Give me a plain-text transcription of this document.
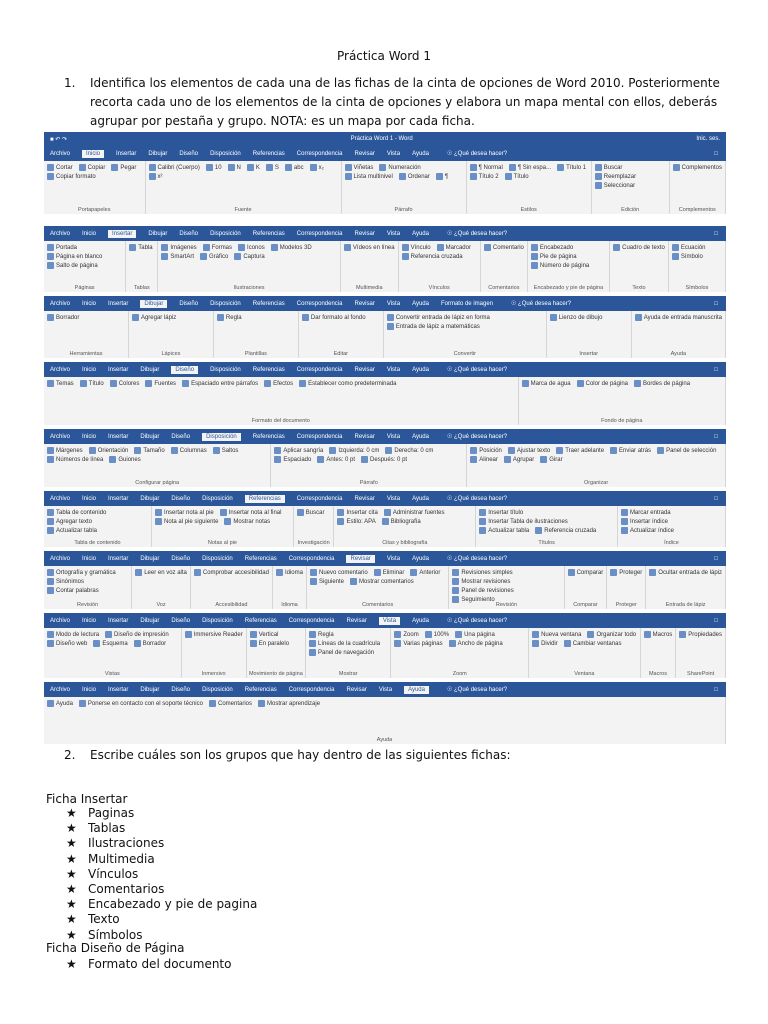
Práctica Word 1
1. Identifica los elementos de cada una de las fichas de la cinta de opciones de Word 2010. Posteriormente recorta cada uno de los elementos de la cinta de opciones y elabora un mapa mental con ellos, deberás agrupar por pestaña y grupo. NOTA: es un mapa por cada ficha.
■ ↶ ↷	Práctica Word 1 - Word	Inic. ses.
Archivo	Inicio	Insertar Dibujar Diseño Disposición Referencias Correspondencia Revisar Vista Ayuda	☉ ¿Qué desea hacer?	□
Cortar	Copiar	Pegar
Copiar formato
Portapapeles
Calibri (Cuerpo)	10	N	K	S	abc	x₂
x²
Fuente
Viñetas	Numeración
Lista multinivel	Ordenar	¶
Párrafo
¶ Normal	¶ Sin espa...	Título 1
Título 2	Título
Estilos
Buscar
Reemplazar
Seleccionar
Edición
Complementos
Complementos
Archivo Inicio	Insertar	Dibujar Diseño Disposición Referencias Correspondencia Revisar Vista Ayuda	☉ ¿Qué desea hacer?	□
Portada
Página en blanco
Salto de página
Páginas
Tabla
Tablas
Imágenes	Formas	Iconos	Modelos 3D
SmartArt	Gráfico	Captura
Ilustraciones
Vídeos en línea
Multimedia
Vínculo	Marcador
Referencia cruzada
Vínculos
Comentario
Comentarios
Encabezado
Pie de página
Número de página
Encabezado y pie de página
Cuadro de texto
Texto
Ecuación
Símbolo
Símbolos
Archivo Inicio Insertar	Dibujar	Diseño Disposición Referencias Correspondencia Revisar Vista Ayuda Formato de imagen	☉ ¿Qué desea hacer?	□
Borrador
Herramientas
Agregar lápiz
Lápices
Regla
Plantillas
Dar formato al fondo
Editar
Convertir entrada de lápiz en forma
Entrada de lápiz a matemáticas
Convertir
Lienzo de dibujo
Insertar
Ayuda de entrada manuscrita
Ayuda
Archivo Inicio Insertar Dibujar	Diseño	Disposición Referencias Correspondencia Revisar Vista Ayuda	☉ ¿Qué desea hacer?	□
Temas	Título	Colores	Fuentes	Espaciado entre párrafos	Efectos	Establecer como predeterminada
Formato del documento
Marca de agua	Color de página	Bordes de página
Fondo de página
Archivo Inicio Insertar Dibujar Diseño	Disposición	Referencias Correspondencia Revisar Vista Ayuda	☉ ¿Qué desea hacer?	□
Márgenes	Orientación	Tamaño	Columnas	Saltos
Números de línea	Guiones
Configurar página
Aplicar sangría	Izquierda: 0 cm	Derecha: 0 cm
Espaciado	Antes: 0 pt	Después: 0 pt
Párrafo
Posición	Ajustar texto	Traer adelante	Enviar atrás	Panel de selección
Alinear	Agrupar	Girar
Organizar
Archivo Inicio Insertar Dibujar Diseño Disposición	Referencias	Correspondencia Revisar Vista Ayuda	☉ ¿Qué desea hacer?	□
Tabla de contenido
Agregar texto
Actualizar tabla
Tabla de contenido
Insertar nota al pie	Insertar nota al final
Nota al pie siguiente	Mostrar notas
Notas al pie
Buscar
Investigación
Insertar cita	Administrar fuentes
Estilo: APA	Bibliografía
Citas y bibliografía
Insertar título
Insertar Tabla de ilustraciones
Actualizar tabla	Referencia cruzada
Títulos
Marcar entrada
Insertar índice
Actualizar índice
Índice
Archivo Inicio Insertar Dibujar Diseño Disposición Referencias Correspondencia	Revisar	Vista Ayuda	☉ ¿Qué desea hacer?	□
Ortografía y gramática
Sinónimos
Contar palabras
Revisión
Leer en voz alta
Voz
Comprobar accesibilidad
Accesibilidad
Idioma
Idioma
Nuevo comentario	Eliminar	Anterior
Siguiente	Mostrar comentarios
Comentarios
Revisiones simples
Mostrar revisiones
Panel de revisiones
Seguimiento
Revisión
Comparar
Comparar
Proteger
Proteger
Ocultar entrada de lápiz
Entrada de lápiz
Archivo Inicio Insertar Dibujar Diseño Disposición Referencias Correspondencia Revisar	Vista	Ayuda	☉ ¿Qué desea hacer?	□
Modo de lectura	Diseño de impresión
Diseño web	Esquema	Borrador
Vistas
Immersive Reader
Inmersivo
Vertical
En paralelo
Movimiento de página
Regla
Líneas de la cuadrícula
Panel de navegación
Mostrar
Zoom	100%	Una página
Varias páginas	Ancho de página
Zoom
Nueva ventana	Organizar todo
Dividir	Cambiar ventanas
Ventana
Macros
Macros
Propiedades
SharePoint
Archivo Inicio Insertar Dibujar Diseño Disposición Referencias Correspondencia Revisar Vista	Ayuda	☉ ¿Qué desea hacer?	□
Ayuda	Ponerse en contacto con el soporte técnico	Comentarios	Mostrar aprendizaje
Ayuda
2. Escribe cuáles son los grupos que hay dentro de las siguientes fichas:
Ficha Insertar
★ Paginas
★ Tablas
★ Ilustraciones
★ Multimedia
★ Vínculos
★ Comentarios
★ Encabezado y pie de pagina
★ Texto
★ Símbolos
Ficha Diseño de Página
★ Formato del documento
